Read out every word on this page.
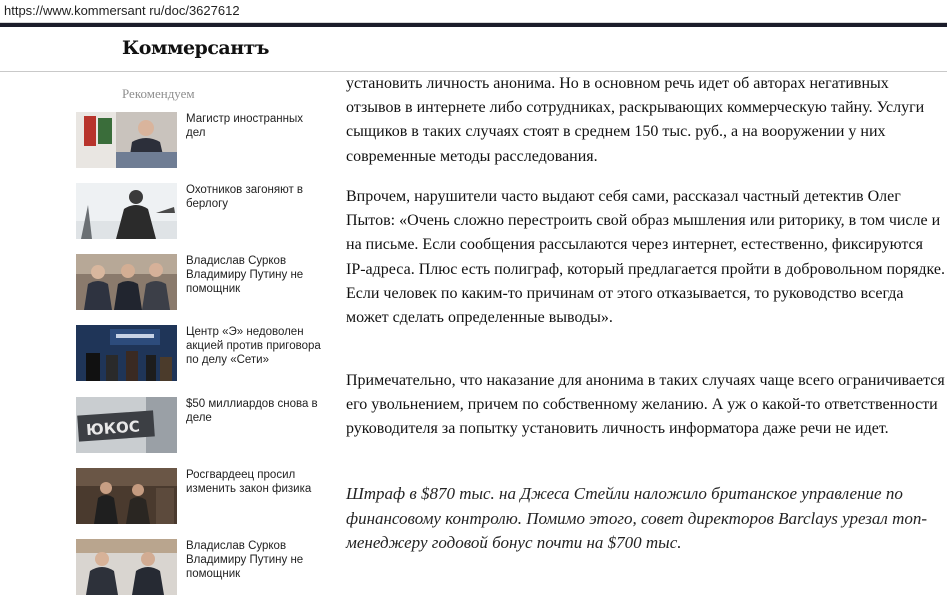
https://www.kommersant ru/doc/3627612
Коммерсантъ
Рекомендуем
Магистр иностранных дел
Охотников загоняют в берлогу
Владислав Сурков Владимиру Путину не помощник
Центр «Э» недоволен акцией против приговора по делу «Сети»
ЮКОС
$50 миллиардов снова в деле
Росгвардеец просил изменить закон физика
Владислав Сурков Владимиру Путину не помощник

установить личность анонима. Но в основном речь идет об авторах негативных отзывов в интернете либо сотрудниках, раскрывающих коммерческую тайну. Услуги сыщиков в таких случаях стоят в среднем 150 тыс. руб., а на вооружении у них современные методы расследования.

Впрочем, нарушители часто выдают себя сами, рассказал частный детектив Олег Пытов: «Очень сложно перестроить свой образ мышления или риторику, в том числе и на письме. Если сообщения рассылаются через интернет, естественно, фиксируются IP-адреса. Плюс есть полиграф, который предлагается пройти в добровольном порядке. Если человек по каким-то причинам от этого отказывается, то руководство всегда может сделать определенные выводы».

Примечательно, что наказание для анонима в таких случаях чаще всего ограничивается его увольнением, причем по собственному желанию. А уж о какой-то ответственности руководителя за попытку установить личность информатора даже речи не идет.

Штраф в $870 тыс. на Джеса Стейли наложило британское управление по финансовому контролю. Помимо этого, совет директоров Barclays урезал топ-менеджеру годовой бонус почти на $700 тыс.
